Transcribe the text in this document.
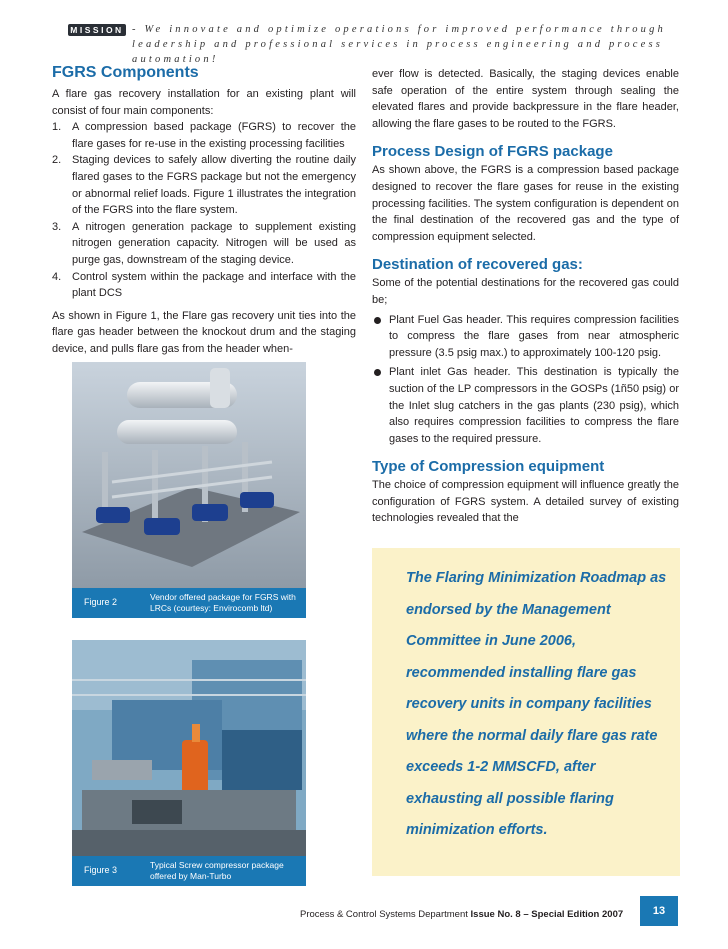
MISSION - We innovate and optimize operations for improved performance through leadership and professional services in process engineering and process automation!
FGRS Components

A flare gas recovery installation for an existing plant will consist of four main components:

1. A compression based package (FGRS) to recover the flare gases for re-use in the existing processing facilities
2. Staging devices to safely allow diverting the routine daily flared gases to the FGRS package but not the emergency or abnormal relief loads. Figure 1 illustrates the integration of the FGRS into the flare system.
3. A nitrogen generation package to supplement existing nitrogen generation capacity. Nitrogen will be used as purge gas, downstream of the staging device.
4. Control system within the package and interface with the plant DCS

As shown in Figure 1, the Flare gas recovery unit ties into the flare gas header between the knockout drum and the staging device, and pulls flare gas from the header when-

Figure 2	Vendor offered package for FGRS with LRCs (courtesy: Envirocomb ltd)
Figure 3	Typical Screw compressor package offered by Man-Turbo

ever flow is detected. Basically, the staging devices enable safe operation of the entire system through sealing the elevated flares and provide backpressure in the flare header, allowing the flare gases to be routed to the FGRS.

Process Design of FGRS package

As shown above, the FGRS is a compression based package designed to recover the flare gases for reuse in the existing processing facilities. The system configuration is dependent on the final destination of the recovered gas and the type of compression equipment selected.

Destination of recovered gas:

Some of the potential destinations for the recovered gas could be;

Plant Fuel Gas header. This requires compression facilities to compress the flare gases from near atmospheric pressure (3.5 psig max.) to approximately 100-120 psig.
Plant inlet Gas header. This destination is typically the suction of the LP compressors in the GOSPs (1ñ50 psig) or the Inlet slug catchers in the gas plants (230 psig), which also requires compression facilities to compress the flare gases to the required pressure.
Type of Compression equipment

The choice of compression equipment will influence greatly the configuration of FGRS system. A detailed survey of existing technologies revealed that the

The Flaring Minimization Roadmap as endorsed by the Management Committee in June 2006, recommended installing flare gas recovery units in company facilities where the normal daily flare gas rate exceeds 1-2 MMSCFD, after exhausting all possible flaring minimization efforts.

Process & Control Systems Department Issue No. 8 – Special Edition 2007	13
